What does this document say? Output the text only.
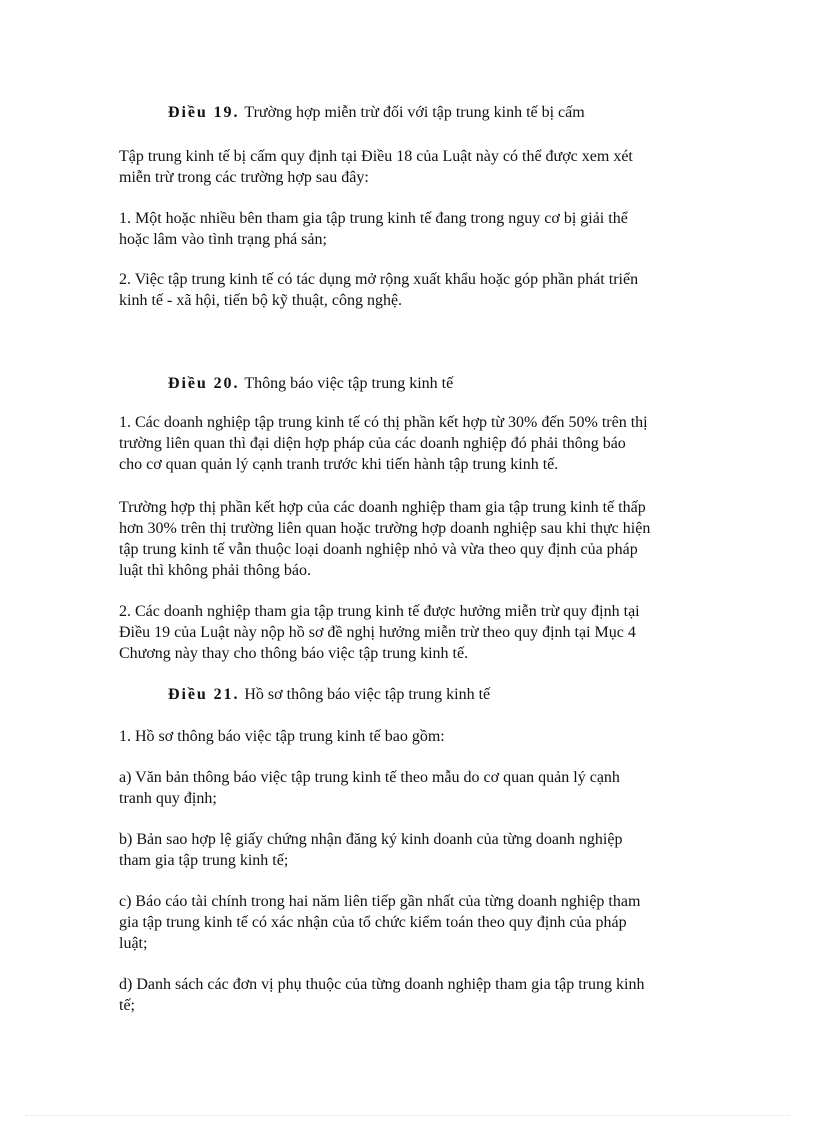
Điều 19. Trường hợp miễn trừ đối với tập trung kinh tế bị cấm

Tập trung kinh tế bị cấm quy định tại Điều 18 của Luật này có thể được xem xét
miễn trừ trong các trường hợp sau đây:

1. Một hoặc nhiều bên tham gia tập trung kinh tế đang trong nguy cơ bị giải thể
hoặc lâm vào tình trạng phá sản;

2. Việc tập trung kinh tế có tác dụng mở rộng xuất khẩu hoặc góp phần phát triển
kinh tế - xã hội, tiến bộ kỹ thuật, công nghệ.

Điều 20. Thông báo việc tập trung kinh tế

1. Các doanh nghiệp tập trung kinh tế có thị phần kết hợp từ 30% đến 50% trên thị
trường liên quan thì đại diện hợp pháp của các doanh nghiệp đó phải thông báo
cho cơ quan quản lý cạnh tranh trước khi tiến hành tập trung kinh tế.

Trường hợp thị phần kết hợp của các doanh nghiệp tham gia tập trung kinh tế thấp
hơn 30% trên thị trường liên quan hoặc trường hợp doanh nghiệp sau khi thực hiện
tập trung kinh tế vẫn thuộc loại doanh nghiệp nhỏ và vừa theo quy định của pháp
luật thì không phải thông báo.

2. Các doanh nghiệp tham gia tập trung kinh tế được hưởng miễn trừ quy định tại
Điều 19 của Luật này nộp hồ sơ đề nghị hưởng miễn trừ theo quy định tại Mục 4
Chương này thay cho thông báo việc tập trung kinh tế.

Điều 21. Hồ sơ thông báo việc tập trung kinh tế

1. Hồ sơ thông báo việc tập trung kinh tế bao gồm:

a) Văn bản thông báo việc tập trung kinh tế theo mẫu do cơ quan quản lý cạnh
tranh quy định;

b) Bản sao hợp lệ giấy chứng nhận đăng ký kinh doanh của từng doanh nghiệp
tham gia tập trung kinh tế;

c) Báo cáo tài chính trong hai năm liên tiếp gần nhất của từng doanh nghiệp tham
gia tập trung kinh tế có xác nhận của tổ chức kiểm toán theo quy định của pháp
luật;

d) Danh sách các đơn vị phụ thuộc của từng doanh nghiệp tham gia tập trung kinh
tế;
